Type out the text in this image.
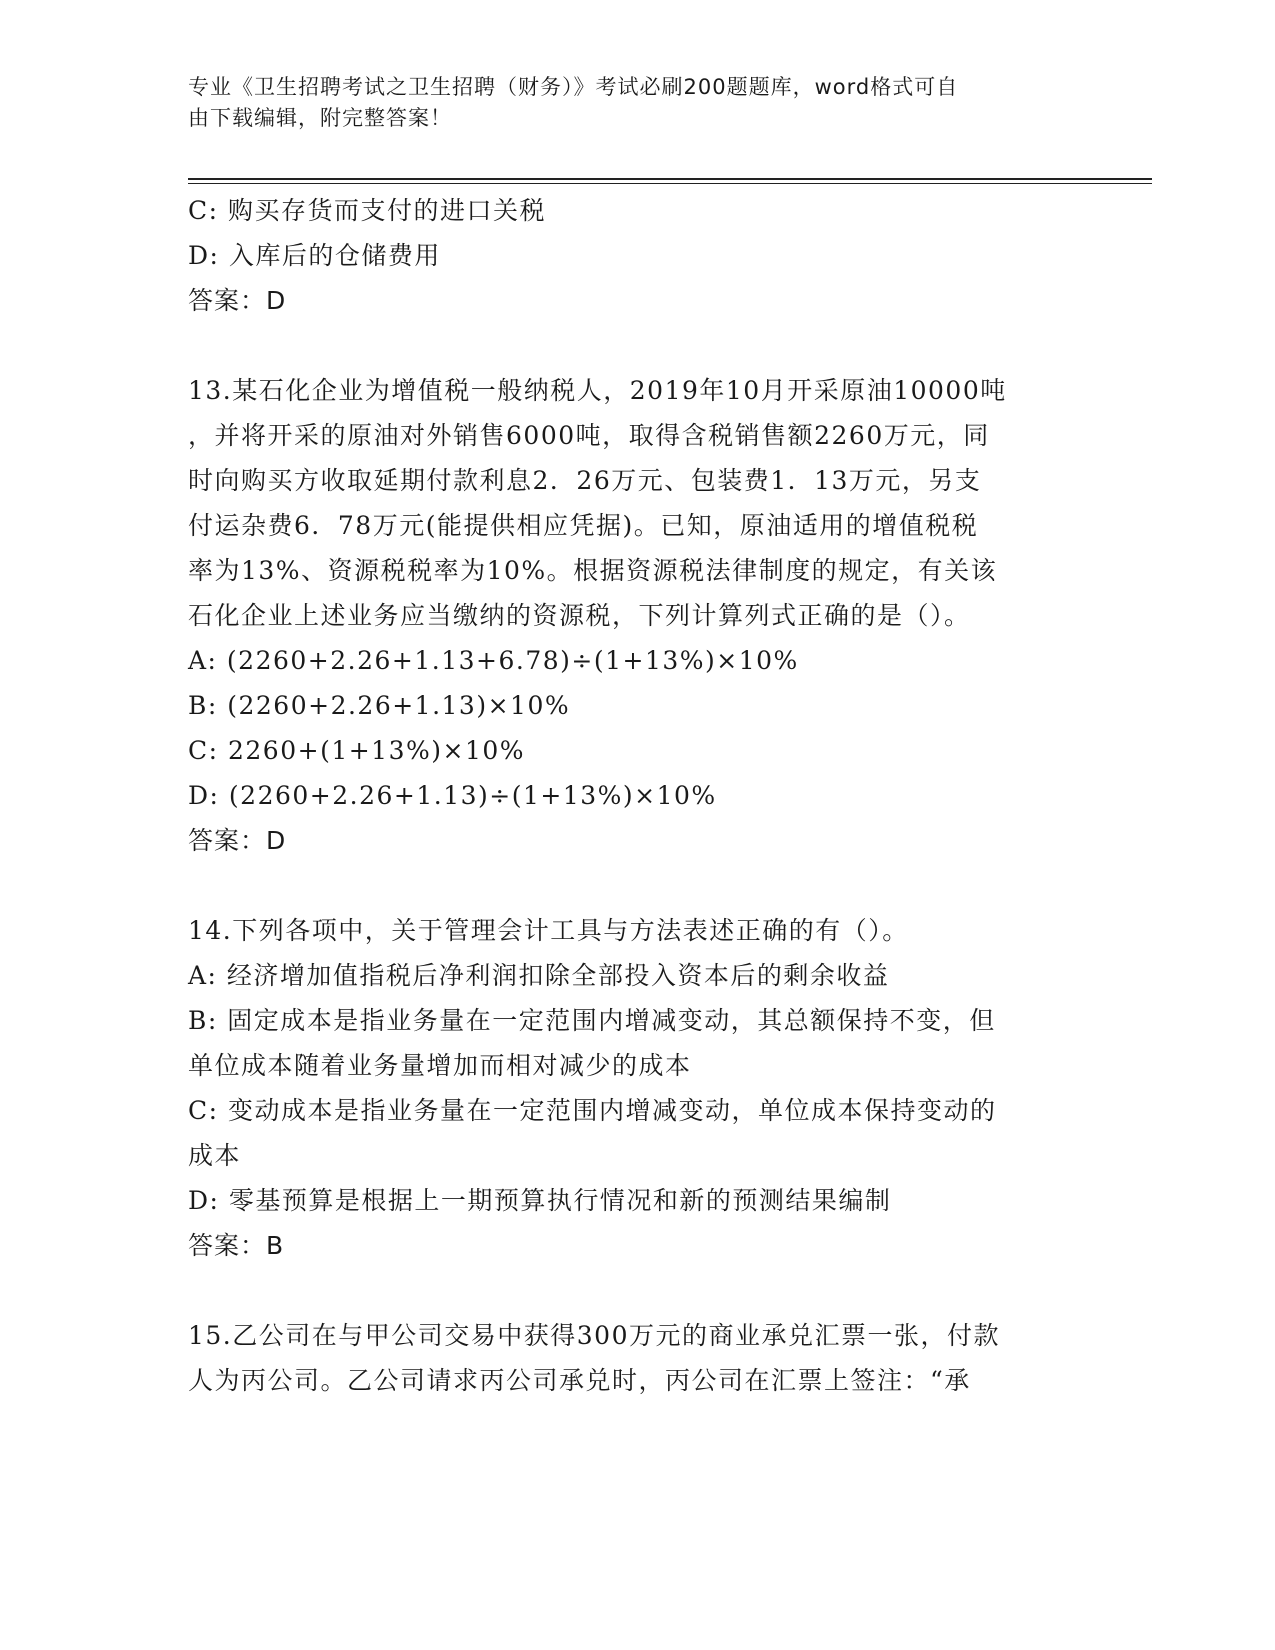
专业《卫生招聘考试之卫生招聘（财务）》考试必刷200题题库，word格式可自
由下载编辑，附完整答案！
C: 购买存货而支付的进口关税
D: 入库后的仓储费用
答案：D
13.某石化企业为增值税一般纳税人，2019年10月开采原油10000吨
，并将开采的原油对外销售6000吨，取得含税销售额2260万元，同
时向购买方收取延期付款利息2．26万元、包装费1．13万元，另支
付运杂费6．78万元(能提供相应凭据)。已知，原油适用的增值税税
率为13%、资源税税率为10%。根据资源税法律制度的规定，有关该
石化企业上述业务应当缴纳的资源税，下列计算列式正确的是（）。
A: (2260+2.26+1.13+6.78)÷(1+13%)×10%
B: (2260+2.26+1.13)×10%
C: 2260+(1+13%)×10%
D: (2260+2.26+1.13)÷(1+13%)×10%
答案：D
14.下列各项中，关于管理会计工具与方法表述正确的有（）。
A: 经济增加值指税后净利润扣除全部投入资本后的剩余收益
B: 固定成本是指业务量在一定范围内增减变动，其总额保持不变，但
单位成本随着业务量增加而相对减少的成本
C: 变动成本是指业务量在一定范围内增减变动，单位成本保持变动的
成本
D: 零基预算是根据上一期预算执行情况和新的预测结果编制
答案：B
15.乙公司在与甲公司交易中获得300万元的商业承兑汇票一张，付款
人为丙公司。乙公司请求丙公司承兑时，丙公司在汇票上签注：“承
